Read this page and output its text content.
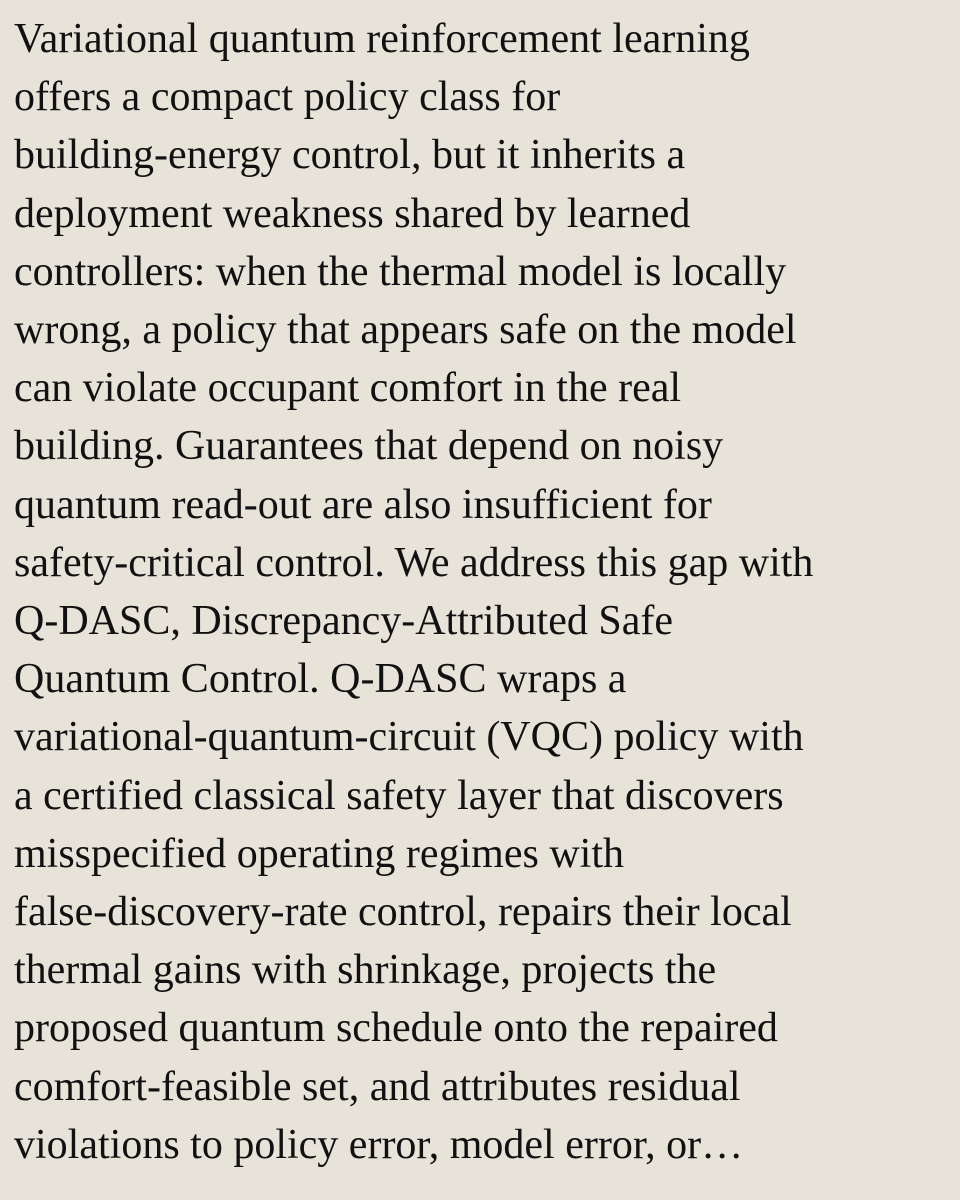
Variational quantum reinforcement learning
offers a compact policy class for
building-energy control, but it inherits a
deployment weakness shared by learned
controllers: when the thermal model is locally
wrong, a policy that appears safe on the model
can violate occupant comfort in the real
building. Guarantees that depend on noisy
quantum read-out are also insufficient for
safety-critical control. We address this gap with
Q-DASC, Discrepancy-Attributed Safe
Quantum Control. Q-DASC wraps a
variational-quantum-circuit (VQC) policy with
a certified classical safety layer that discovers
misspecified operating regimes with
false-discovery-rate control, repairs their local
thermal gains with shrinkage, projects the
proposed quantum schedule onto the repaired
comfort-feasible set, and attributes residual
violations to policy error, model error, or…
